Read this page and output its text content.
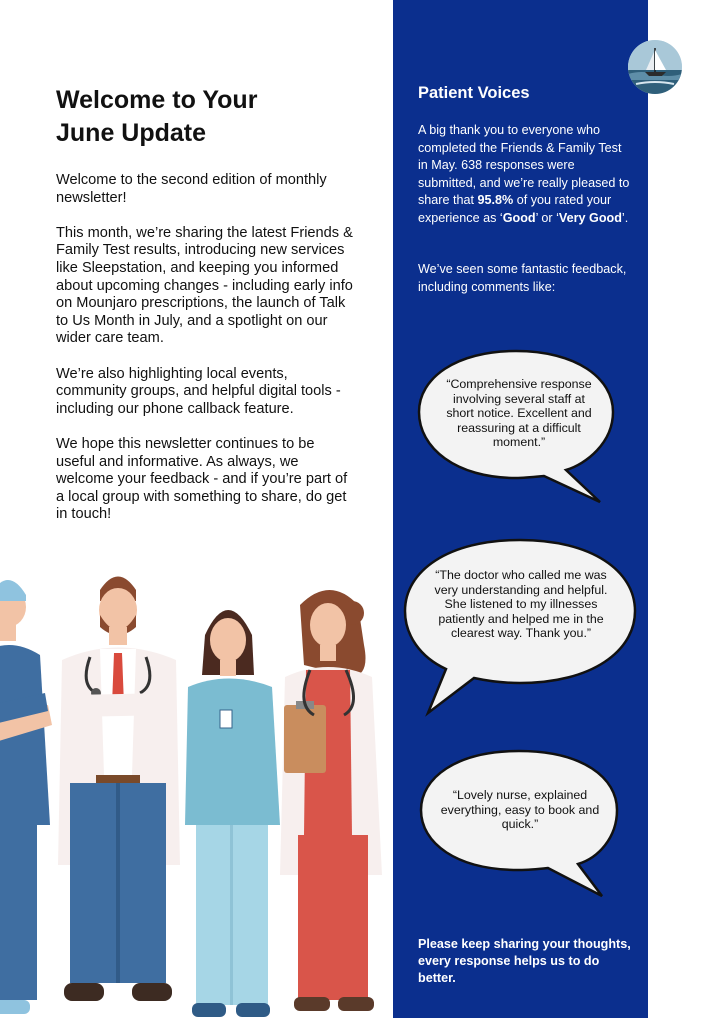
Welcome to Your
June Update

Welcome to the second edition of monthly newsletter!

This month, we’re sharing the latest Friends & Family Test results, introducing new services like Sleepstation, and keeping you informed about upcoming changes - including early info on Mounjaro prescriptions, the launch of Talk to Us Month in July, and a spotlight on our wider care team.

We’re also highlighting local events, community groups, and helpful digital tools - including our phone callback feature.

We hope this newsletter continues to be useful and informative. As always, we welcome your feedback - and if you’re part of a local group with something to share, do get in touch!

Patient Voices
A big thank you to everyone who completed the Friends & Family Test in May. 638 responses were submitted, and we’re really pleased to share that 95.8% of you rated your experience as ‘Good’ or ‘Very Good’.
We’ve seen some fantastic feedback, including comments like:
Please keep sharing your thoughts, every response helps us to do better.
“Comprehensive response involving several staff at short notice. Excellent and reassuring at a difficult moment.”
“The doctor who called me was very understanding and helpful. She listened to my illnesses patiently and helped me in the clearest way. Thank you.”
“Lovely nurse, explained everything, easy to book and quick.”
